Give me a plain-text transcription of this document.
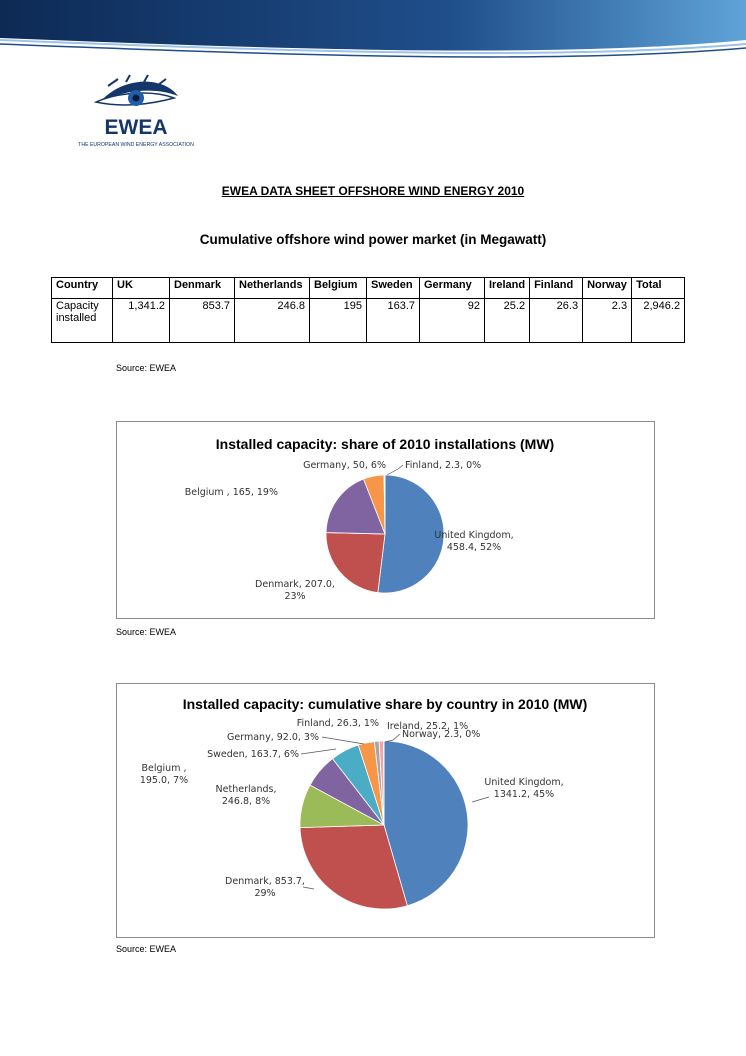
EWEA
THE EUROPEAN WIND ENERGY ASSOCIATION
EWEA DATA SHEET OFFSHORE WIND ENERGY 2010
Cumulative offshore wind power market (in Megawatt)
Country	UK	Denmark	Netherlands	Belgium	Sweden	Germany	Ireland	Finland	Norway	Total
Capacity installed	1,341.2	853.7	246.8	195	163.7	92	25.2	26.3	2.3	2,946.2
Source: EWEA
Installed capacity: share of 2010 installations (MW)
United Kingdom, 458.4, 52%
Denmark, 207.0, 23%
Belgium , 165, 19%
Germany, 50, 6% Finland, 2.3, 0%
Source: EWEA
Installed capacity: cumulative share by country in 2010 (MW)
United Kingdom, 1341.2, 45%
Denmark, 853.7, 29%
Netherlands, 246.8, 8%
Belgium , 195.0, 7%
Sweden, 163.7, 6%
Germany, 92.0, 3%
Finland, 26.3, 1% Ireland, 25.2, 1%
Norway, 2.3, 0%
Source: EWEA
